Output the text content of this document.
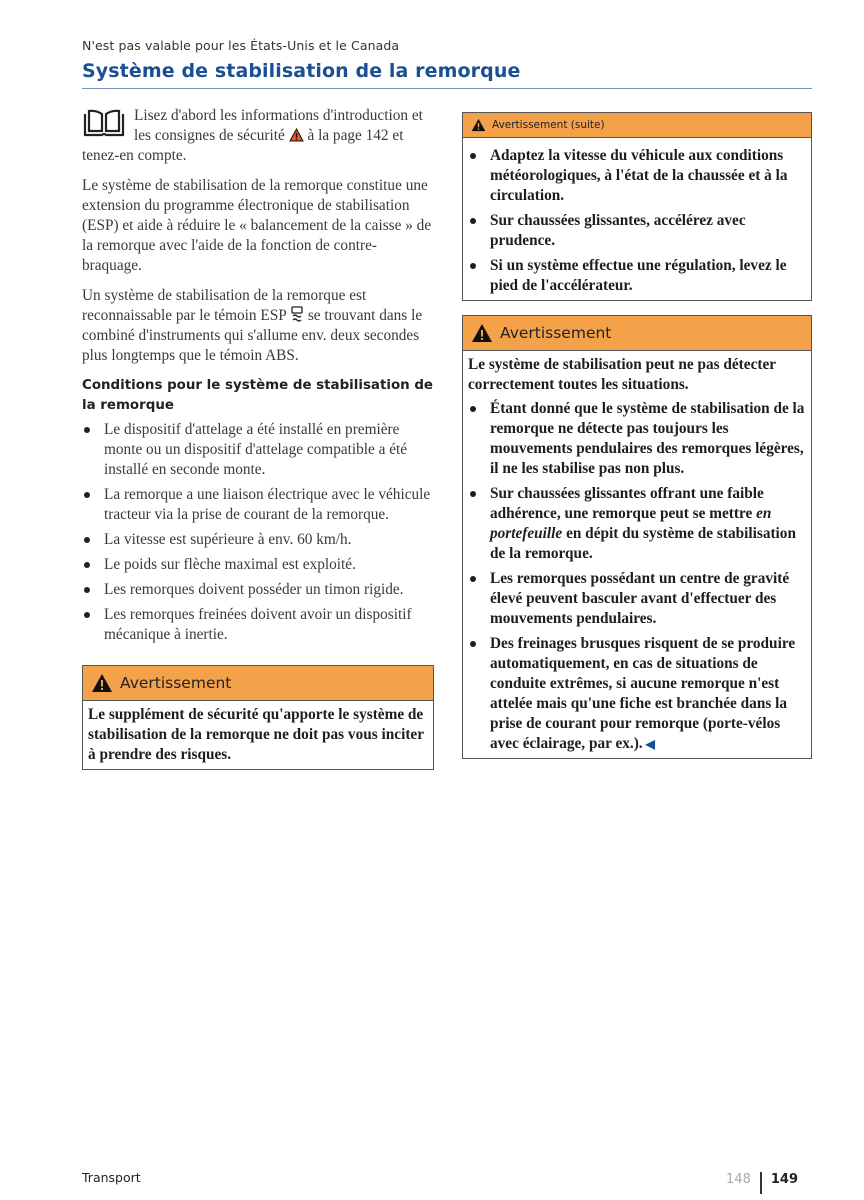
N'est pas valable pour les États-Unis et le Canada
Système de stabilisation de la remorque

Lisez d'abord les informations d'introduction et les consignes de sécurité à la page 142 et tenez-en compte.

Le système de stabilisation de la remorque constitue une extension du programme électronique de stabilisation (ESP) et aide à réduire le « balancement de la caisse » de la remorque avec l'aide de la fonction de contre-braquage.

Un système de stabilisation de la remorque est reconnaissable par le témoin ESP se trouvant dans le combiné d'instruments qui s'allume env. deux secondes plus longtemps que le témoin ABS.

Conditions pour le système de stabilisation de la remorque
Le dispositif d'attelage a été installé en première monte ou un dispositif d'attelage compatible a été installé en seconde monte.
La remorque a une liaison électrique avec le véhicule tracteur via la prise de courant de la remorque.
La vitesse est supérieure à env. 60 km/h.
Le poids sur flèche maximal est exploité.
Les remorques doivent posséder un timon rigide.
Les remorques freinées doivent avoir un dispositif mécanique à inertie.
Avertissement

Le supplément de sécurité qu'apporte le système de stabilisation de la remorque ne doit pas vous inciter à prendre des risques.

Avertissement (suite)
Adaptez la vitesse du véhicule aux conditions météorologiques, à l'état de la chaussée et à la circulation.
Sur chaussées glissantes, accélérez avec prudence.
Si un système effectue une régulation, levez le pied de l'accélérateur.
Avertissement

Le système de stabilisation peut ne pas détecter correctement toutes les situations.

Étant donné que le système de stabilisation de la remorque ne détecte pas toujours les mouvements pendulaires des remorques légères, il ne les stabilise pas non plus.
Sur chaussées glissantes offrant une faible adhérence, une remorque peut se mettre en portefeuille en dépit du système de stabilisation de la remorque.
Les remorques possédant un centre de gravité élevé peuvent basculer avant d'effectuer des mouvements pendulaires.
Des freinages brusques risquent de se produire automatiquement, en cas de situations de conduite extrêmes, si aucune remorque n'est attelée mais qu'une fiche est branchée dans la prise de courant pour remorque (porte-vélos avec éclairage, par ex.). ◀
Transport	148 149
